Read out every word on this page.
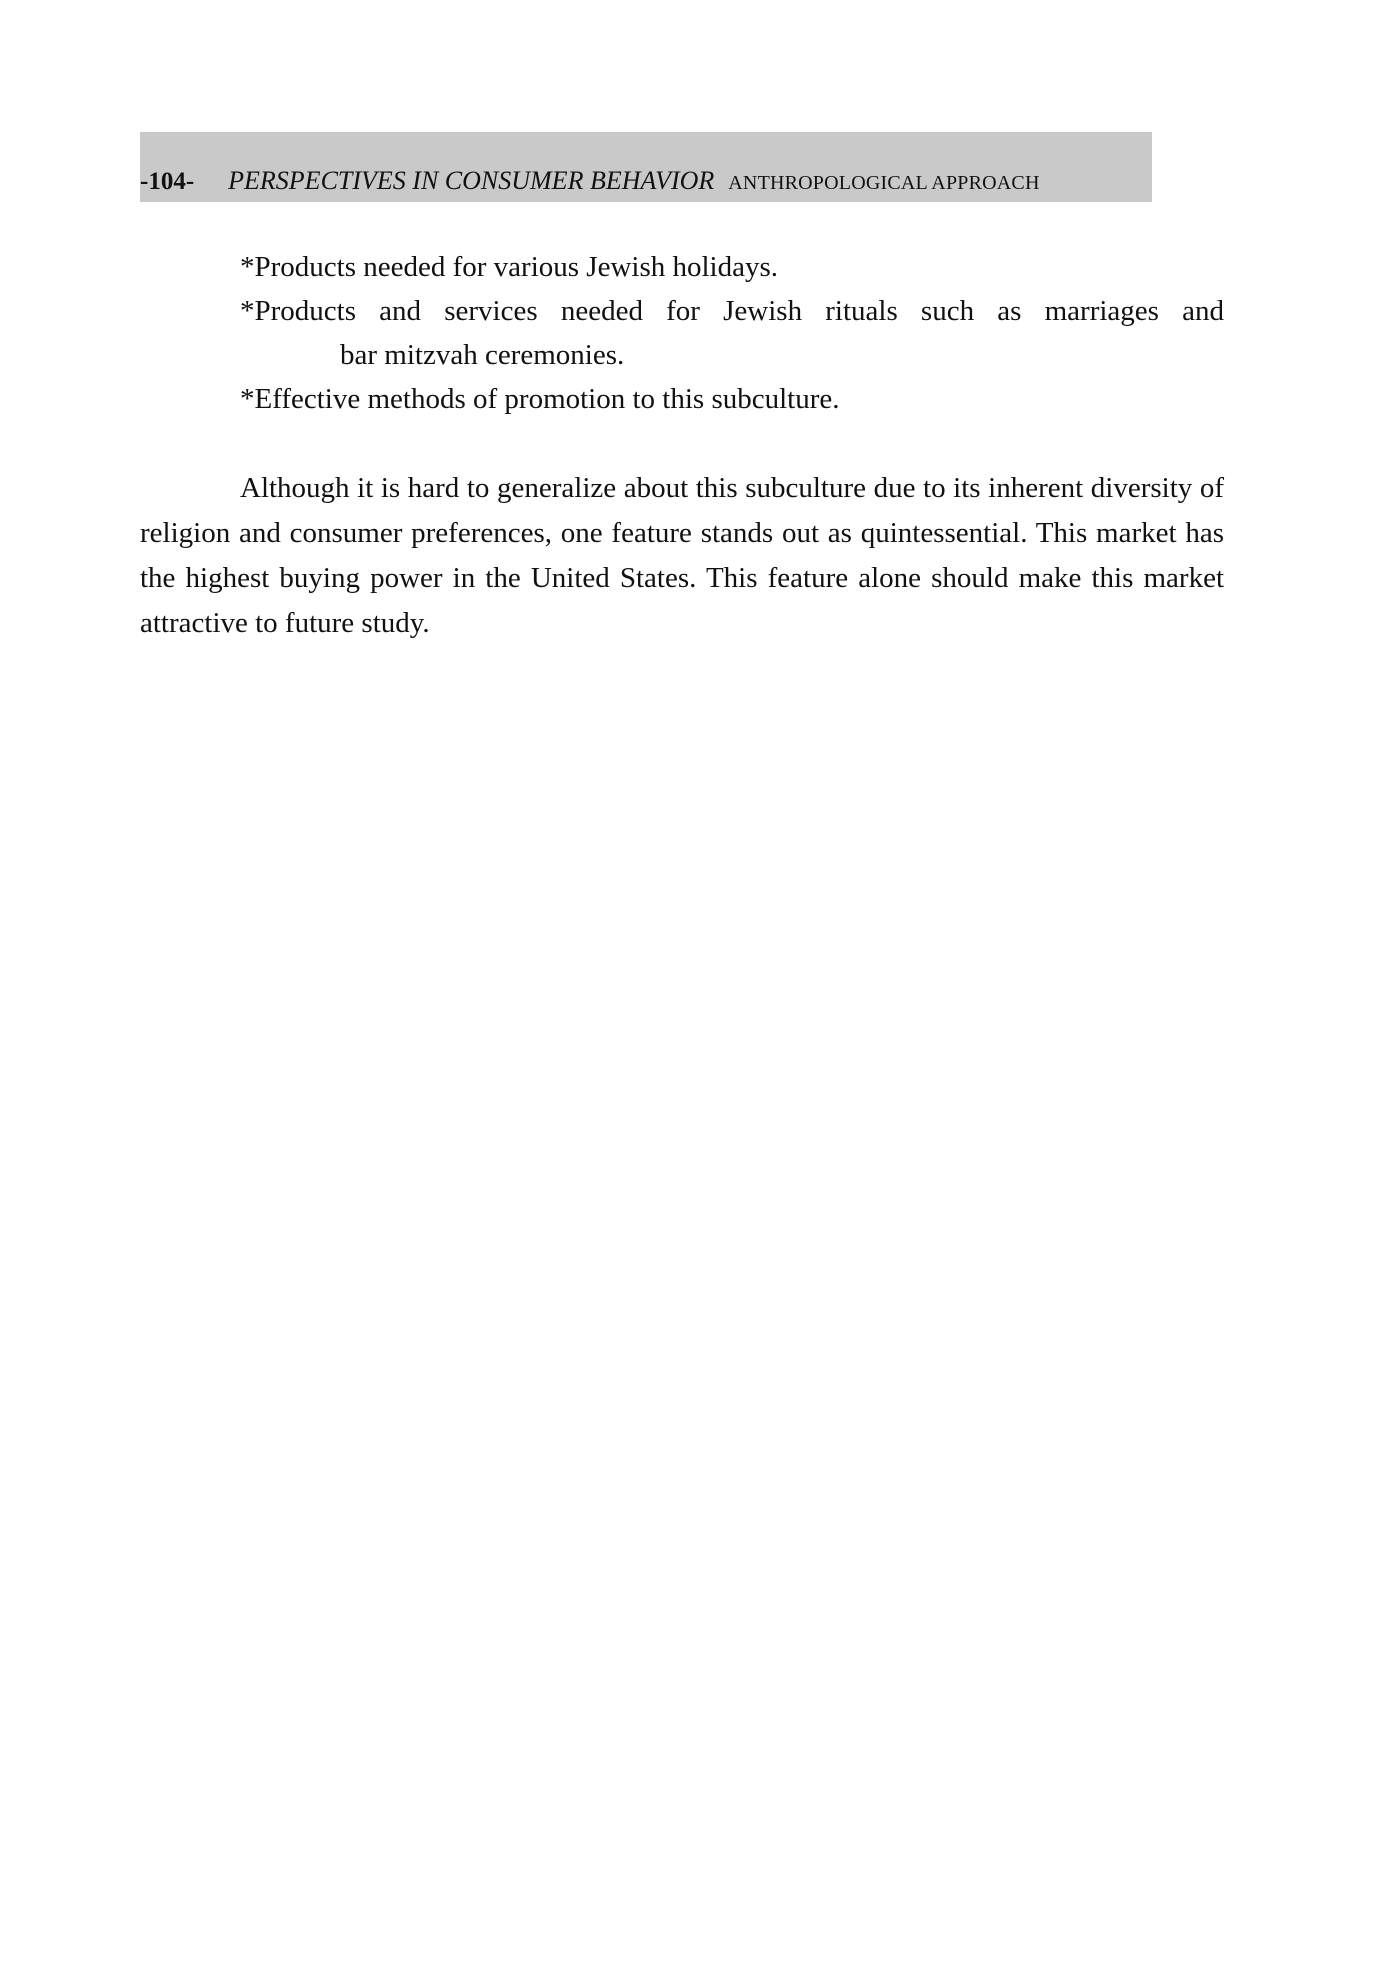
-104- PERSPECTIVES IN CONSUMER BEHAVIOR ANTHROPOLOGICAL APPROACH

*Products needed for various Jewish holidays.

*Products and services needed for Jewish rituals such as marriages and

bar mitzvah ceremonies.

*Effective methods of promotion to this subculture.

Although it is hard to generalize about this subculture due to its inherent diversity of religion and consumer preferences, one feature stands out as quintessential. This market has the highest buying power in the United States. This feature alone should make this market attractive to future study.
